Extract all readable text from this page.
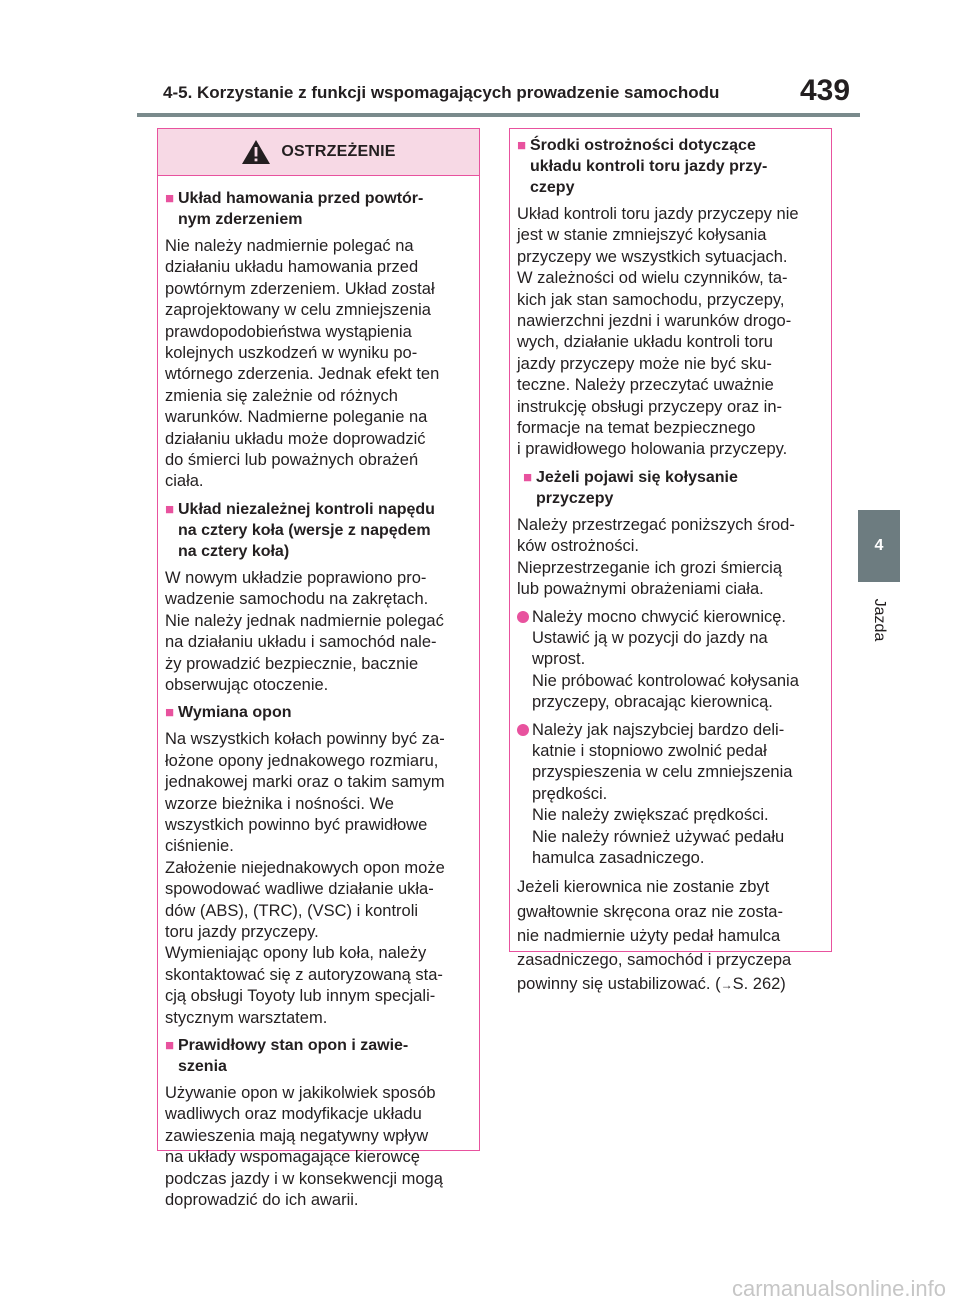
4-5. Korzystanie z funkcji wspomagających prowadzenie samochodu	439
4
Jazda
OSTRZEŻENIE
■ Układ hamowania przed powtór-
nym zderzeniem
Nie należy nadmiernie polegać na
działaniu układu hamowania przed
powtórnym zderzeniem. Układ został
zaprojektowany w celu zmniejszenia
prawdopodobieństwa wystąpienia
kolejnych uszkodzeń w wyniku po-
wtórnego zderzenia. Jednak efekt ten
zmienia się zależnie od różnych
warunków. Nadmierne poleganie na
działaniu układu może doprowadzić
do śmierci lub poważnych obrażeń
ciała.
■ Układ niezależnej kontroli napędu
na cztery koła (wersje z napędem
na cztery koła)
W nowym układzie poprawiono pro-
wadzenie samochodu na zakrętach.
Nie należy jednak nadmiernie polegać
na działaniu układu i samochód nale-
ży prowadzić bezpiecznie, bacznie
obserwując otoczenie.
■ Wymiana opon
Na wszystkich kołach powinny być za-
łożone opony jednakowego rozmiaru,
jednakowej marki oraz o takim samym
wzorze bieżnika i nośności. We
wszystkich powinno być prawidłowe
ciśnienie.
Założenie niejednakowych opon może
spowodować wadliwe działanie ukła-
dów (ABS), (TRC), (VSC) i kontroli
toru jazdy przyczepy.
Wymieniając opony lub koła, należy
skontaktować się z autoryzowaną sta-
cją obsługi Toyoty lub innym specjali-
stycznym warsztatem.
■ Prawidłowy stan opon i zawie-
szenia
Używanie opon w jakikolwiek sposób
wadliwych oraz modyfikacje układu
zawieszenia mają negatywny wpływ
na układy wspomagające kierowcę
podczas jazdy i w konsekwencji mogą
doprowadzić do ich awarii.
■ Środki ostrożności dotyczące
układu kontroli toru jazdy przy-
czepy
Układ kontroli toru jazdy przyczepy nie
jest w stanie zmniejszyć kołysania
przyczepy we wszystkich sytuacjach.
W zależności od wielu czynników, ta-
kich jak stan samochodu, przyczepy,
nawierzchni jezdni i warunków drogo-
wych, działanie układu kontroli toru
jazdy przyczepy może nie być sku-
teczne. Należy przeczytać uważnie
instrukcję obsługi przyczepy oraz in-
formacje na temat bezpiecznego
i prawidłowego holowania przyczepy.
■ Jeżeli pojawi się kołysanie
przyczepy
Należy przestrzegać poniższych środ-
ków ostrożności.
Nieprzestrzeganie ich grozi śmiercią
lub poważnymi obrażeniami ciała.
Należy mocno chwycić kierownicę.
Ustawić ją w pozycji do jazdy na
wprost.
Nie próbować kontrolować kołysania
przyczepy, obracając kierownicą.
Należy jak najszybciej bardzo deli-
katnie i stopniowo zwolnić pedał
przyspieszenia w celu zmniejszenia
prędkości.
Nie należy zwiększać prędkości.
Nie należy również używać pedału
hamulca zasadniczego.
Jeżeli kierownica nie zostanie zbyt
gwałtownie skręcona oraz nie zosta-
nie nadmiernie użyty pedał hamulca
zasadniczego, samochód i przyczepa
powinny się ustabilizować. (→S. 262)
carmanualsonline.info
